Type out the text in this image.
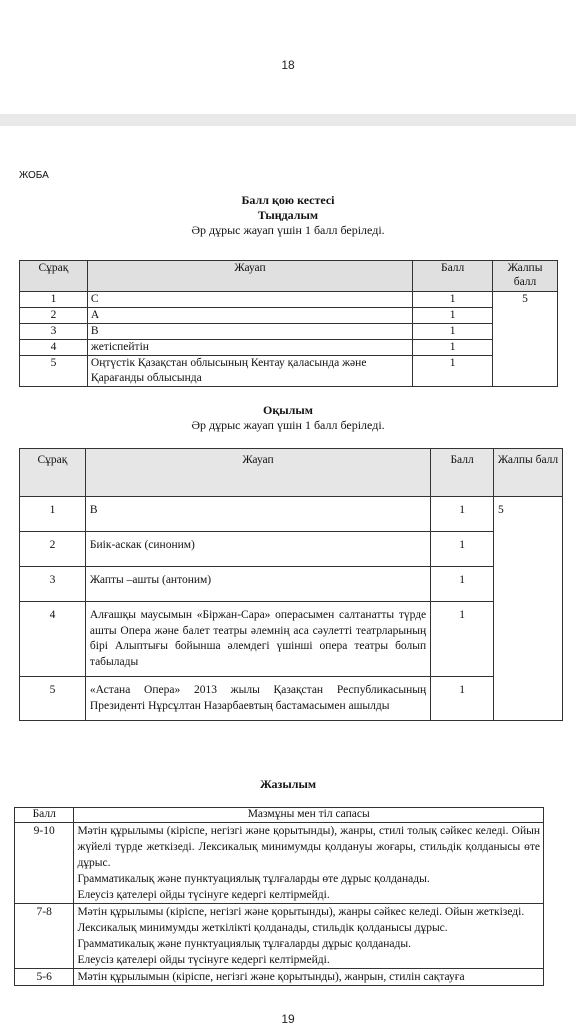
18
ЖОБА
Балл қою кестесі
Тыңдалым
Әр дұрыс жауап үшін 1 балл беріледі.
Сұрақ	Жауап	Балл	Жалпы балл
1	С	1	5
2	А	1	
3	В	1	
4	жетіспейтін	1	
5	Оңтүстік Қазақстан облысының Кентау қаласында және Қарағанды облысында	1	
Оқылым
Әр дұрыс жауап үшін 1 балл беріледі.
Сұрақ	Жауап	Балл	Жалпы балл
1	В	1	5
2	Биік-аскак (синоним)	1	
3	Жапты –ашты (антоним)	1	
4	Алғашқы маусымын «Біржан-Сара» операсымен салтанатты түрде ашты Опера және балет театры әлемнің аса сәулетті театрларының бірі Алыптығы бойынша әлемдегі үшінші опера театры болып табылады	1	
5	«Астана Опера» 2013 жылы Қазақстан Республикасының Президенті Нұрсұлтан Назарбаевтың бастамасымен ашылды	1	
Жазылым
Балл	Мазмұны мен тіл сапасы
9-10	Мәтін құрылымы (кіріспе, негізгі және қорытынды), жанры, стилі толық сәйкес келеді. Ойын жүйелі түрде жеткізеді. Лексикалық минимумды қолдануы жоғары, стильдік қолданысы өте дұрыс.
Грамматикалық және пунктуациялық тұлғаларды өте дұрыс қолданады.
Елеусіз қателері ойды түсінуге кедергі келтірмейді.

7-8	Мәтін құрылымы (кіріспе, негізгі және қорытынды), жанры сәйкес келеді. Ойын жеткізеді.
Лексикалық минимумды жеткілікті қолданады, стильдік қолданысы дұрыс.
Грамматикалық және пунктуациялық тұлғаларды дұрыс қолданады.
Елеусіз қателері ойды түсінуге кедергі келтірмейді.

5-6	Мәтін құрылымын (кіріспе, негізгі және қорытынды), жанрын, стилін сақтауға
19
